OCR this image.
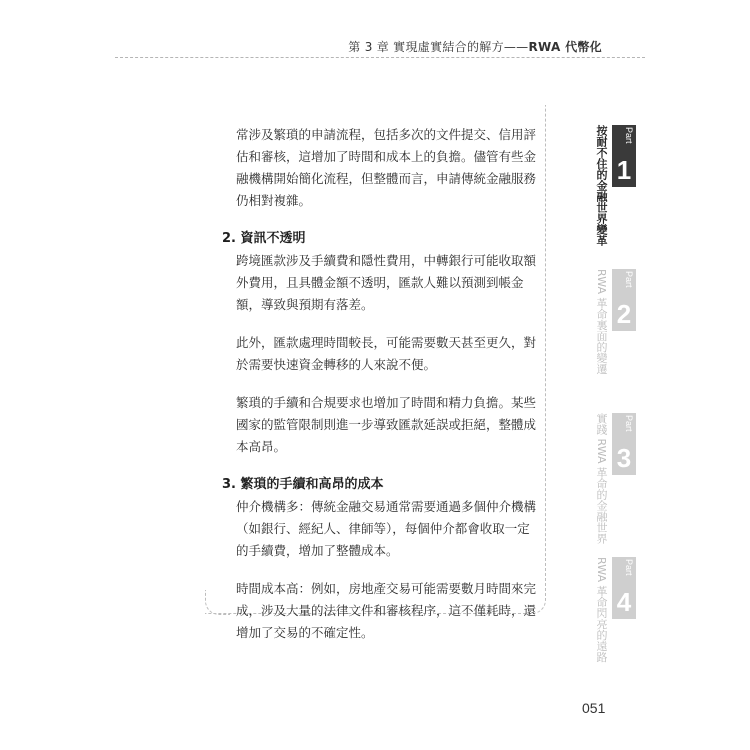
第 3 章 實現虛實結合的解方——RWA 代幣化

常涉及繁瑣的申請流程，包括多次的文件提交、信用評估和審核，這增加了時間和成本上的負擔。儘管有些金融機構開始簡化流程，但整體而言，申請傳統金融服務仍相對複雜。

2. 資訊不透明

跨境匯款涉及手續費和隱性費用，中轉銀行可能收取額外費用，且具體金額不透明，匯款人難以預測到帳金額，導致與預期有落差。

此外，匯款處理時間較長，可能需要數天甚至更久，對於需要快速資金轉移的人來說不便。

繁瑣的手續和合規要求也增加了時間和精力負擔。某些國家的監管限制則進一步導致匯款延誤或拒絕，整體成本高昂。

3. 繁瑣的手續和高昂的成本

仲介機構多：傳統金融交易通常需要通過多個仲介機構（如銀行、經紀人、律師等），每個仲介都會收取一定的手續費，增加了整體成本。

時間成本高：例如，房地產交易可能需要數月時間來完成，涉及大量的法律文件和審核程序，這不僅耗時，還增加了交易的不確定性。

Part
1
按耐不住的金融世界變革
Part
2
RWA 革命裏面的變遷
Part
3
實踐 RWA 革命的金融世界
Part
4
RWA 革命閃亮的遠路
051
